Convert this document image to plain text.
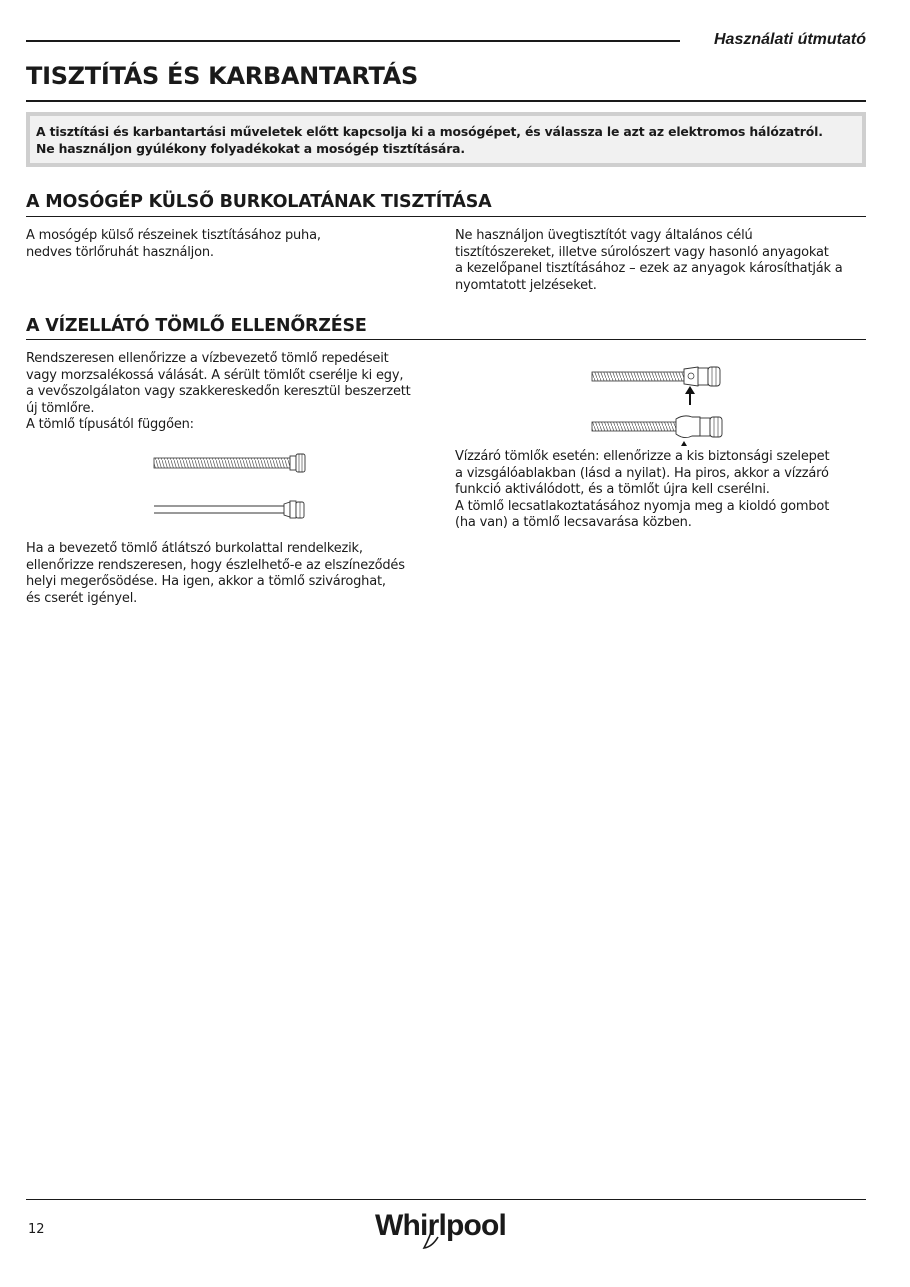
Használati útmutató
TISZTÍTÁS ÉS KARBANTARTÁS
A tisztítási és karbantartási műveletek előtt kapcsolja ki a mosógépet, és válassza le azt az elektromos hálózatról.
Ne használjon gyúlékony folyadékokat a mosógép tisztítására.
A MOSÓGÉP KÜLSŐ BURKOLATÁNAK TISZTÍTÁSA
A mosógép külső részeinek tisztításához puha,
nedves törlőruhát használjon.
Ne használjon üvegtisztítót vagy általános célú
tisztítószereket, illetve súrolószert vagy hasonló anyagokat
a kezelőpanel tisztításához – ezek az anyagok károsíthatják a
nyomtatott jelzéseket.
A VÍZELLÁTÓ TÖMLŐ ELLENŐRZÉSE
Rendszeresen ellenőrizze a vízbevezető tömlő repedéseit
vagy morzsalékossá válását. A sérült tömlőt cserélje ki egy,
a vevőszolgálaton vagy szakkereskedőn keresztül beszerzett
új tömlőre.
A tömlő típusától függően:
Ha a bevezető tömlő átlátszó burkolattal rendelkezik,
ellenőrizze rendszeresen, hogy észlelhető-e az elszíneződés
helyi megerősödése. Ha igen, akkor a tömlő szivároghat,
és cserét igényel.
Vízzáró tömlők esetén: ellenőrizze a kis biztonsági szelepet
a vizsgálóablakban (lásd a nyilat). Ha piros, akkor a vízzáró
funkció aktiválódott, és a tömlőt újra kell cserélni.
A tömlő lecsatlakoztatásához nyomja meg a kioldó gombot
(ha van) a tömlő lecsavarása közben.
12	Whirlpool
